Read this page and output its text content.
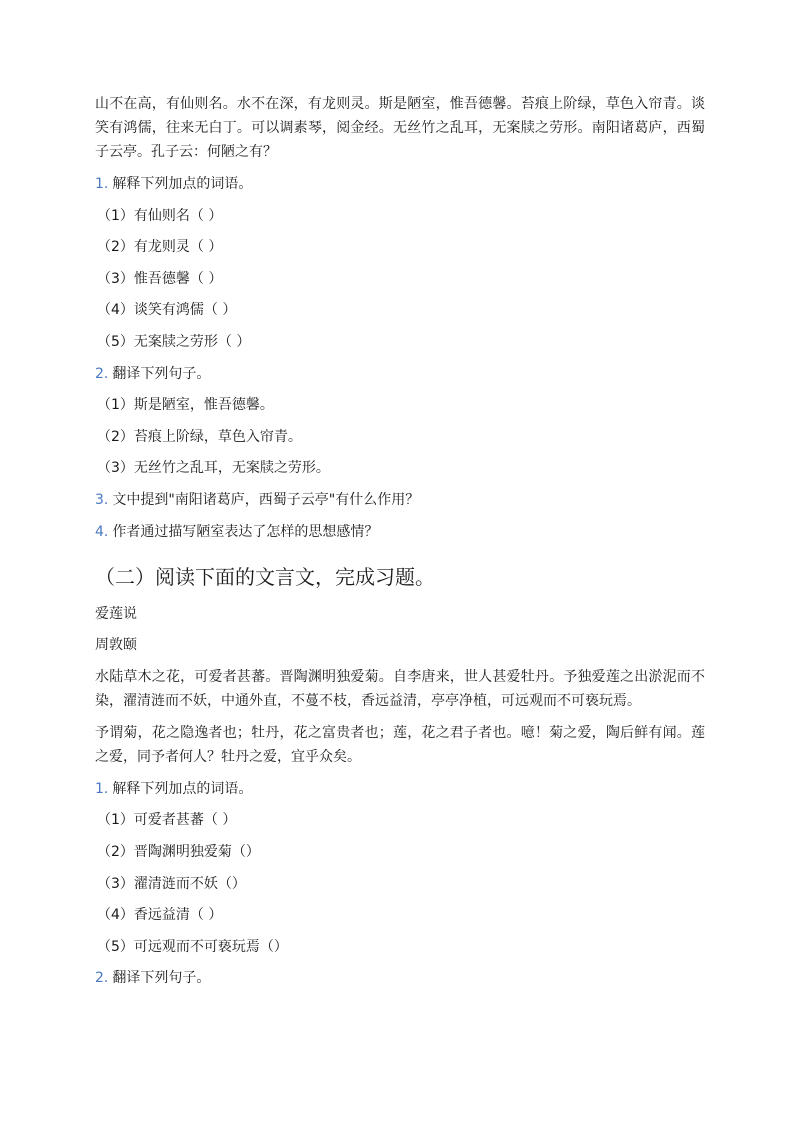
山不在高，有仙则名。水不在深，有龙则灵。斯是陋室，惟吾德馨。苔痕上阶绿，草色入帘青。谈笑有鸿儒，往来无白丁。可以调素琴，阅金经。无丝竹之乱耳，无案牍之劳形。南阳诸葛庐，西蜀子云亭。孔子云：何陋之有？

1. 解释下列加点的词语。
（1）有仙则名（ ）
（2）有龙则灵（ ）
（3）惟吾德馨（ ）
（4）谈笑有鸿儒（ ）
（5）无案牍之劳形（ ）
2. 翻译下列句子。
（1）斯是陋室，惟吾德馨。
（2）苔痕上阶绿，草色入帘青。
（3）无丝竹之乱耳，无案牍之劳形。
3. 文中提到"南阳诸葛庐，西蜀子云亭"有什么作用？
4. 作者通过描写陋室表达了怎样的思想感情？
（二）阅读下面的文言文，完成习题。
爱莲说
周敦颐

水陆草木之花，可爱者甚蕃。晋陶渊明独爱菊。自李唐来，世人甚爱牡丹。予独爱莲之出淤泥而不染，濯清涟而不妖，中通外直，不蔓不枝，香远益清，亭亭净植，可远观而不可亵玩焉。

予谓菊，花之隐逸者也；牡丹，花之富贵者也；莲，花之君子者也。噫！菊之爱，陶后鲜有闻。莲之爱，同予者何人？牡丹之爱，宜乎众矣。

1. 解释下列加点的词语。
（1）可爱者甚蕃（ ）
（2）晋陶渊明独爱菊（）
（3）濯清涟而不妖（）
（4）香远益清（ ）
（5）可远观而不可亵玩焉（）
2. 翻译下列句子。
